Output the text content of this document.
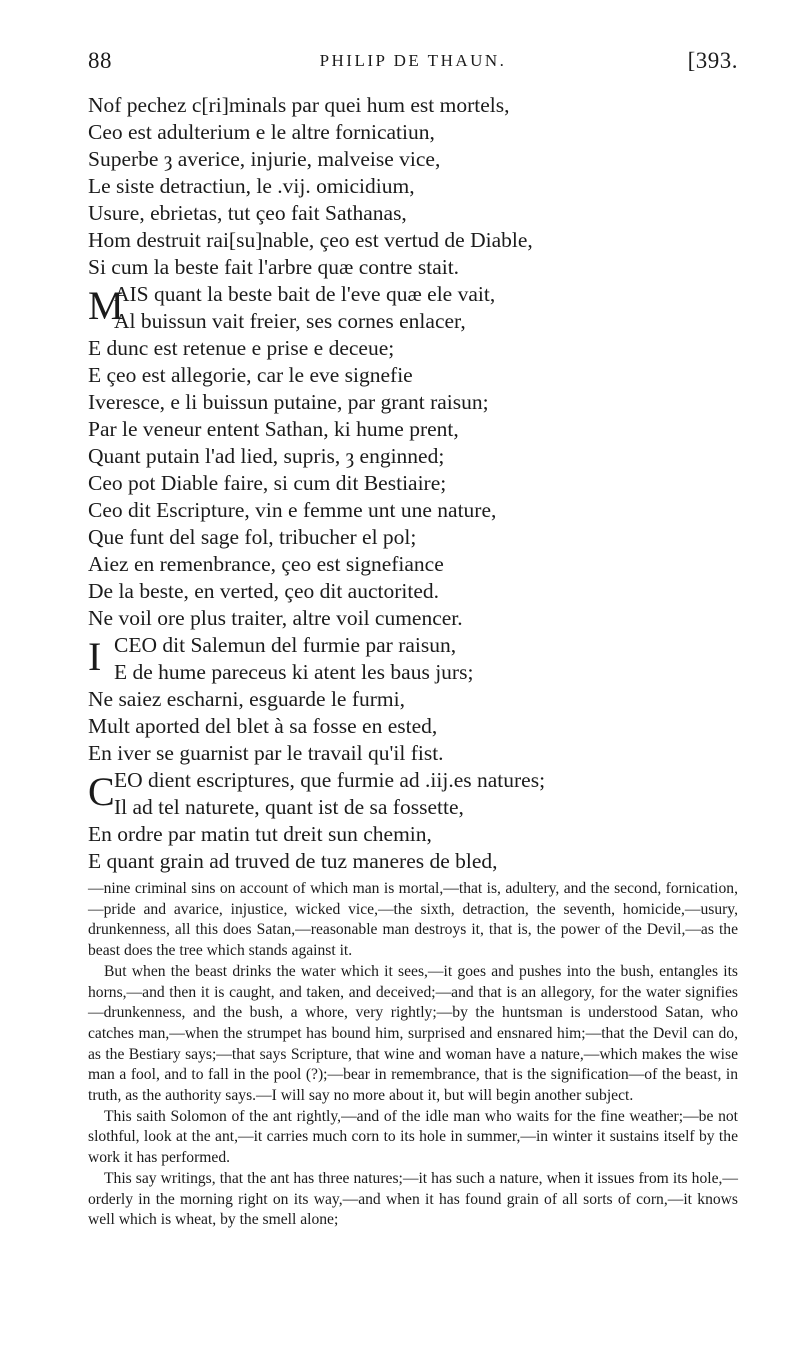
88	PHILIP DE THAUN.	[393.
Nof pechez c[ri]minals par quei hum est mortels,
Ceo est adulterium e le altre fornicatiun,
Superbe ȝ averice, injurie, malveise vice,
Le siste detractiun, le .vij. omicidium,
Usure, ebrietas, tut çeo fait Sathanas,
Hom destruit rai[su]nable, çeo est vertud de Diable,
Si cum la beste fait l'arbre quæ contre stait.
M
AIS quant la beste bait de l'eve quæ ele vait,
Al buissun vait freier, ses cornes enlacer,
E dunc est retenue e prise e deceue;
E çeo est allegorie, car le eve signefie
Iveresce, e li buissun putaine, par grant raisun;
Par le veneur entent Sathan, ki hume prent,
Quant putain l'ad lied, supris, ȝ enginned;
Ceo pot Diable faire, si cum dit Bestiaire;
Ceo dit Escripture, vin e femme unt une nature,
Que funt del sage fol, tribucher el pol;
Aiez en remenbrance, çeo est signefiance
De la beste, en verted, çeo dit auctorited.
Ne voil ore plus traiter, altre voil cumencer.
I CEO dit Salemun del furmie par raisun,
E de hume pareceus ki atent les baus jurs;
Ne saiez escharni, esguarde le furmi,
Mult aported del blet à sa fosse en ested,
En iver se guarnist par le travail qu'il fist.
C EO dient escriptures, que furmie ad .iij.es natures;
Il ad tel naturete, quant ist de sa fossette,
En ordre par matin tut dreit sun chemin,
E quant grain ad truved de tuz maneres de bled,

—nine criminal sins on account of which man is mortal,—that is, adultery, and the second, fornication,—pride and avarice, injustice, wicked vice,—the sixth, detraction, the seventh, homicide,—usury, drunkenness, all this does Satan,—reasonable man destroys it, that is, the power of the Devil,—as the beast does the tree which stands against it.

But when the beast drinks the water which it sees,—it goes and pushes into the bush, entangles its horns,—and then it is caught, and taken, and deceived;—and that is an allegory, for the water signifies—drunkenness, and the bush, a whore, very rightly;—by the huntsman is understood Satan, who catches man,—when the strumpet has bound him, surprised and ensnared him;—that the Devil can do, as the Bestiary says;—that says Scripture, that wine and woman have a nature,—which makes the wise man a fool, and to fall in the pool (?);—bear in remembrance, that is the signification—of the beast, in truth, as the authority says.—I will say no more about it, but will begin another subject.

This saith Solomon of the ant rightly,—and of the idle man who waits for the fine weather;—be not slothful, look at the ant,—it carries much corn to its hole in summer,—in winter it sustains itself by the work it has performed.

This say writings, that the ant has three natures;—it has such a nature, when it issues from its hole,—orderly in the morning right on its way,—and when it has found grain of all sorts of corn,—it knows well which is wheat, by the smell alone;
